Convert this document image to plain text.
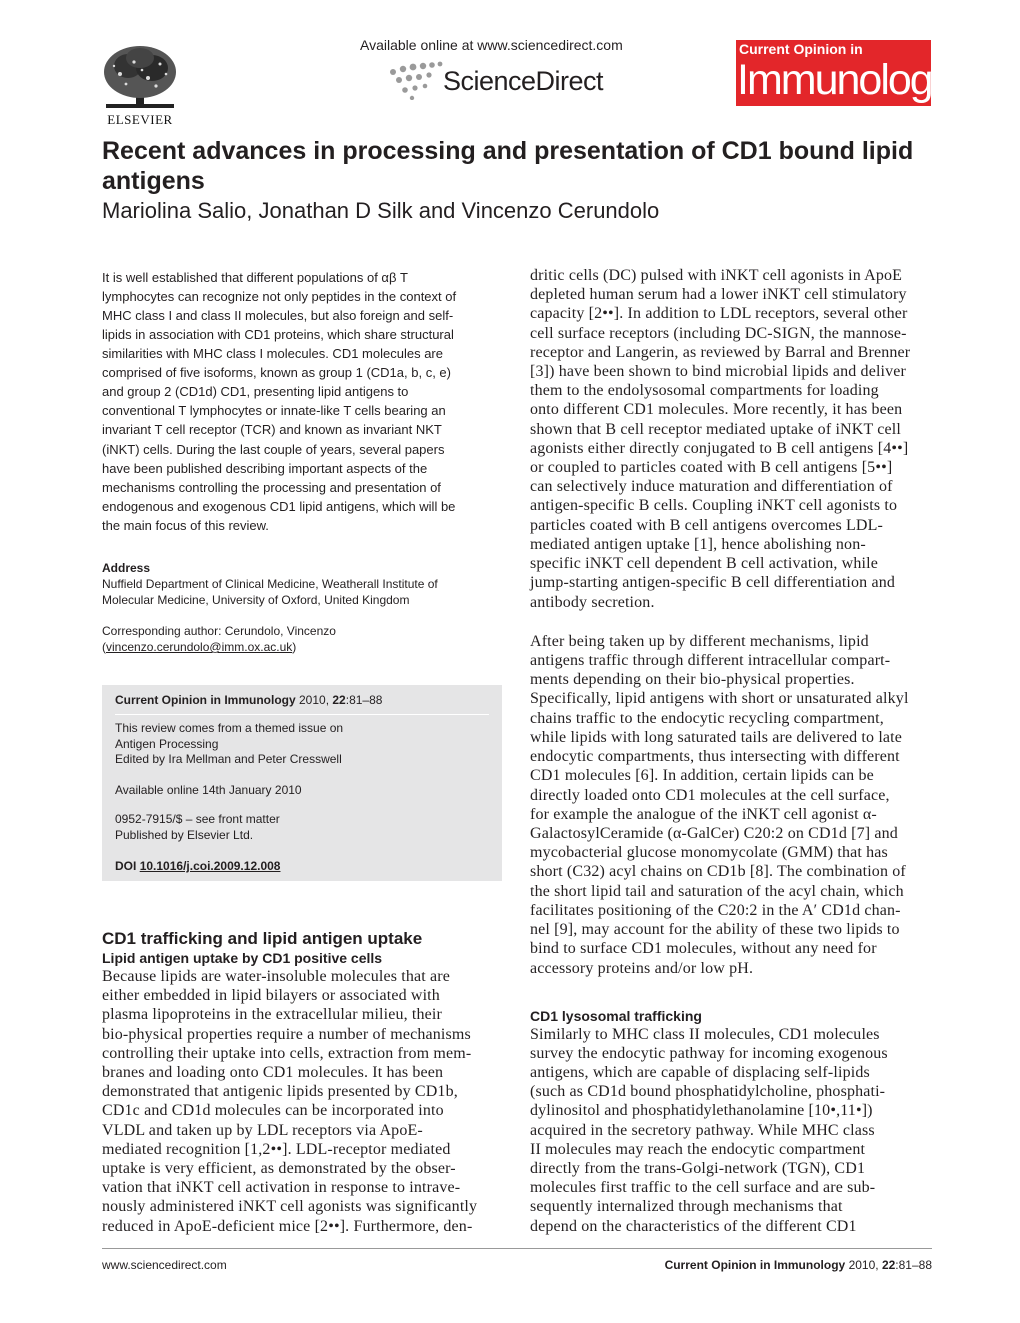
ELSEVIER
Available online at www.sciencedirect.com
ScienceDirect
Current Opinion in
Immunology
Recent advances in processing and presentation of CD1 bound lipid antigens
Mariolina Salio, Jonathan D Silk and Vincenzo Cerundolo
It is well established that different populations of αβ T
lymphocytes can recognize not only peptides in the context of
MHC class I and class II molecules, but also foreign and self-
lipids in association with CD1 proteins, which share structural
similarities with MHC class I molecules. CD1 molecules are
comprised of five isoforms, known as group 1 (CD1a, b, c, e)
and group 2 (CD1d) CD1, presenting lipid antigens to
conventional T lymphocytes or innate-like T cells bearing an
invariant T cell receptor (TCR) and known as invariant NKT
(iNKT) cells. During the last couple of years, several papers
have been published describing important aspects of the
mechanisms controlling the processing and presentation of
endogenous and exogenous CD1 lipid antigens, which will be
the main focus of this review.
Address
Nuffield Department of Clinical Medicine, Weatherall Institute of
Molecular Medicine, University of Oxford, United Kingdom
Corresponding author: Cerundolo, Vincenzo
(vincenzo.cerundolo@imm.ox.ac.uk)
Current Opinion in Immunology 2010, 22:81–88
This review comes from a themed issue on
Antigen Processing
Edited by Ira Mellman and Peter Cresswell
Available online 14th January 2010
0952-7915/$ – see front matter
Published by Elsevier Ltd.
DOI 10.1016/j.coi.2009.12.008
CD1 trafficking and lipid antigen uptake
Lipid antigen uptake by CD1 positive cells
Because lipids are water-insoluble molecules that are
either embedded in lipid bilayers or associated with
plasma lipoproteins in the extracellular milieu, their
bio-physical properties require a number of mechanisms
controlling their uptake into cells, extraction from mem-
branes and loading onto CD1 molecules. It has been
demonstrated that antigenic lipids presented by CD1b,
CD1c and CD1d molecules can be incorporated into
VLDL and taken up by LDL receptors via ApoE-
mediated recognition [1,2••]. LDL-receptor mediated
uptake is very efficient, as demonstrated by the obser-
vation that iNKT cell activation in response to intrave-
nously administered iNKT cell agonists was significantly
reduced in ApoE-deficient mice [2••]. Furthermore, den-
dritic cells (DC) pulsed with iNKT cell agonists in ApoE
depleted human serum had a lower iNKT cell stimulatory
capacity [2••]. In addition to LDL receptors, several other
cell surface receptors (including DC-SIGN, the mannose-
receptor and Langerin, as reviewed by Barral and Brenner
[3]) have been shown to bind microbial lipids and deliver
them to the endolysosomal compartments for loading
onto different CD1 molecules. More recently, it has been
shown that B cell receptor mediated uptake of iNKT cell
agonists either directly conjugated to B cell antigens [4••]
or coupled to particles coated with B cell antigens [5••]
can selectively induce maturation and differentiation of
antigen-specific B cells. Coupling iNKT cell agonists to
particles coated with B cell antigens overcomes LDL-
mediated antigen uptake [1], hence abolishing non-
specific iNKT cell dependent B cell activation, while
jump-starting antigen-specific B cell differentiation and
antibody secretion.
After being taken up by different mechanisms, lipid
antigens traffic through different intracellular compart-
ments depending on their bio-physical properties.
Specifically, lipid antigens with short or unsaturated alkyl
chains traffic to the endocytic recycling compartment,
while lipids with long saturated tails are delivered to late
endocytic compartments, thus intersecting with different
CD1 molecules [6]. In addition, certain lipids can be
directly loaded onto CD1 molecules at the cell surface,
for example the analogue of the iNKT cell agonist α-
GalactosylCeramide (α-GalCer) C20:2 on CD1d [7] and
mycobacterial glucose monomycolate (GMM) that has
short (C32) acyl chains on CD1b [8]. The combination of
the short lipid tail and saturation of the acyl chain, which
facilitates positioning of the C20:2 in the A′ CD1d chan-
nel [9], may account for the ability of these two lipids to
bind to surface CD1 molecules, without any need for
accessory proteins and/or low pH.
CD1 lysosomal trafficking
Similarly to MHC class II molecules, CD1 molecules
survey the endocytic pathway for incoming exogenous
antigens, which are capable of displacing self-lipids
(such as CD1d bound phosphatidylcholine, phosphati-
dylinositol and phosphatidylethanolamine [10•,11•])
acquired in the secretory pathway. While MHC class
II molecules may reach the endocytic compartment
directly from the trans-Golgi-network (TGN), CD1
molecules first traffic to the cell surface and are sub-
sequently internalized through mechanisms that
depend on the characteristics of the different CD1
www.sciencedirect.com	Current Opinion in Immunology 2010, 22:81–88
